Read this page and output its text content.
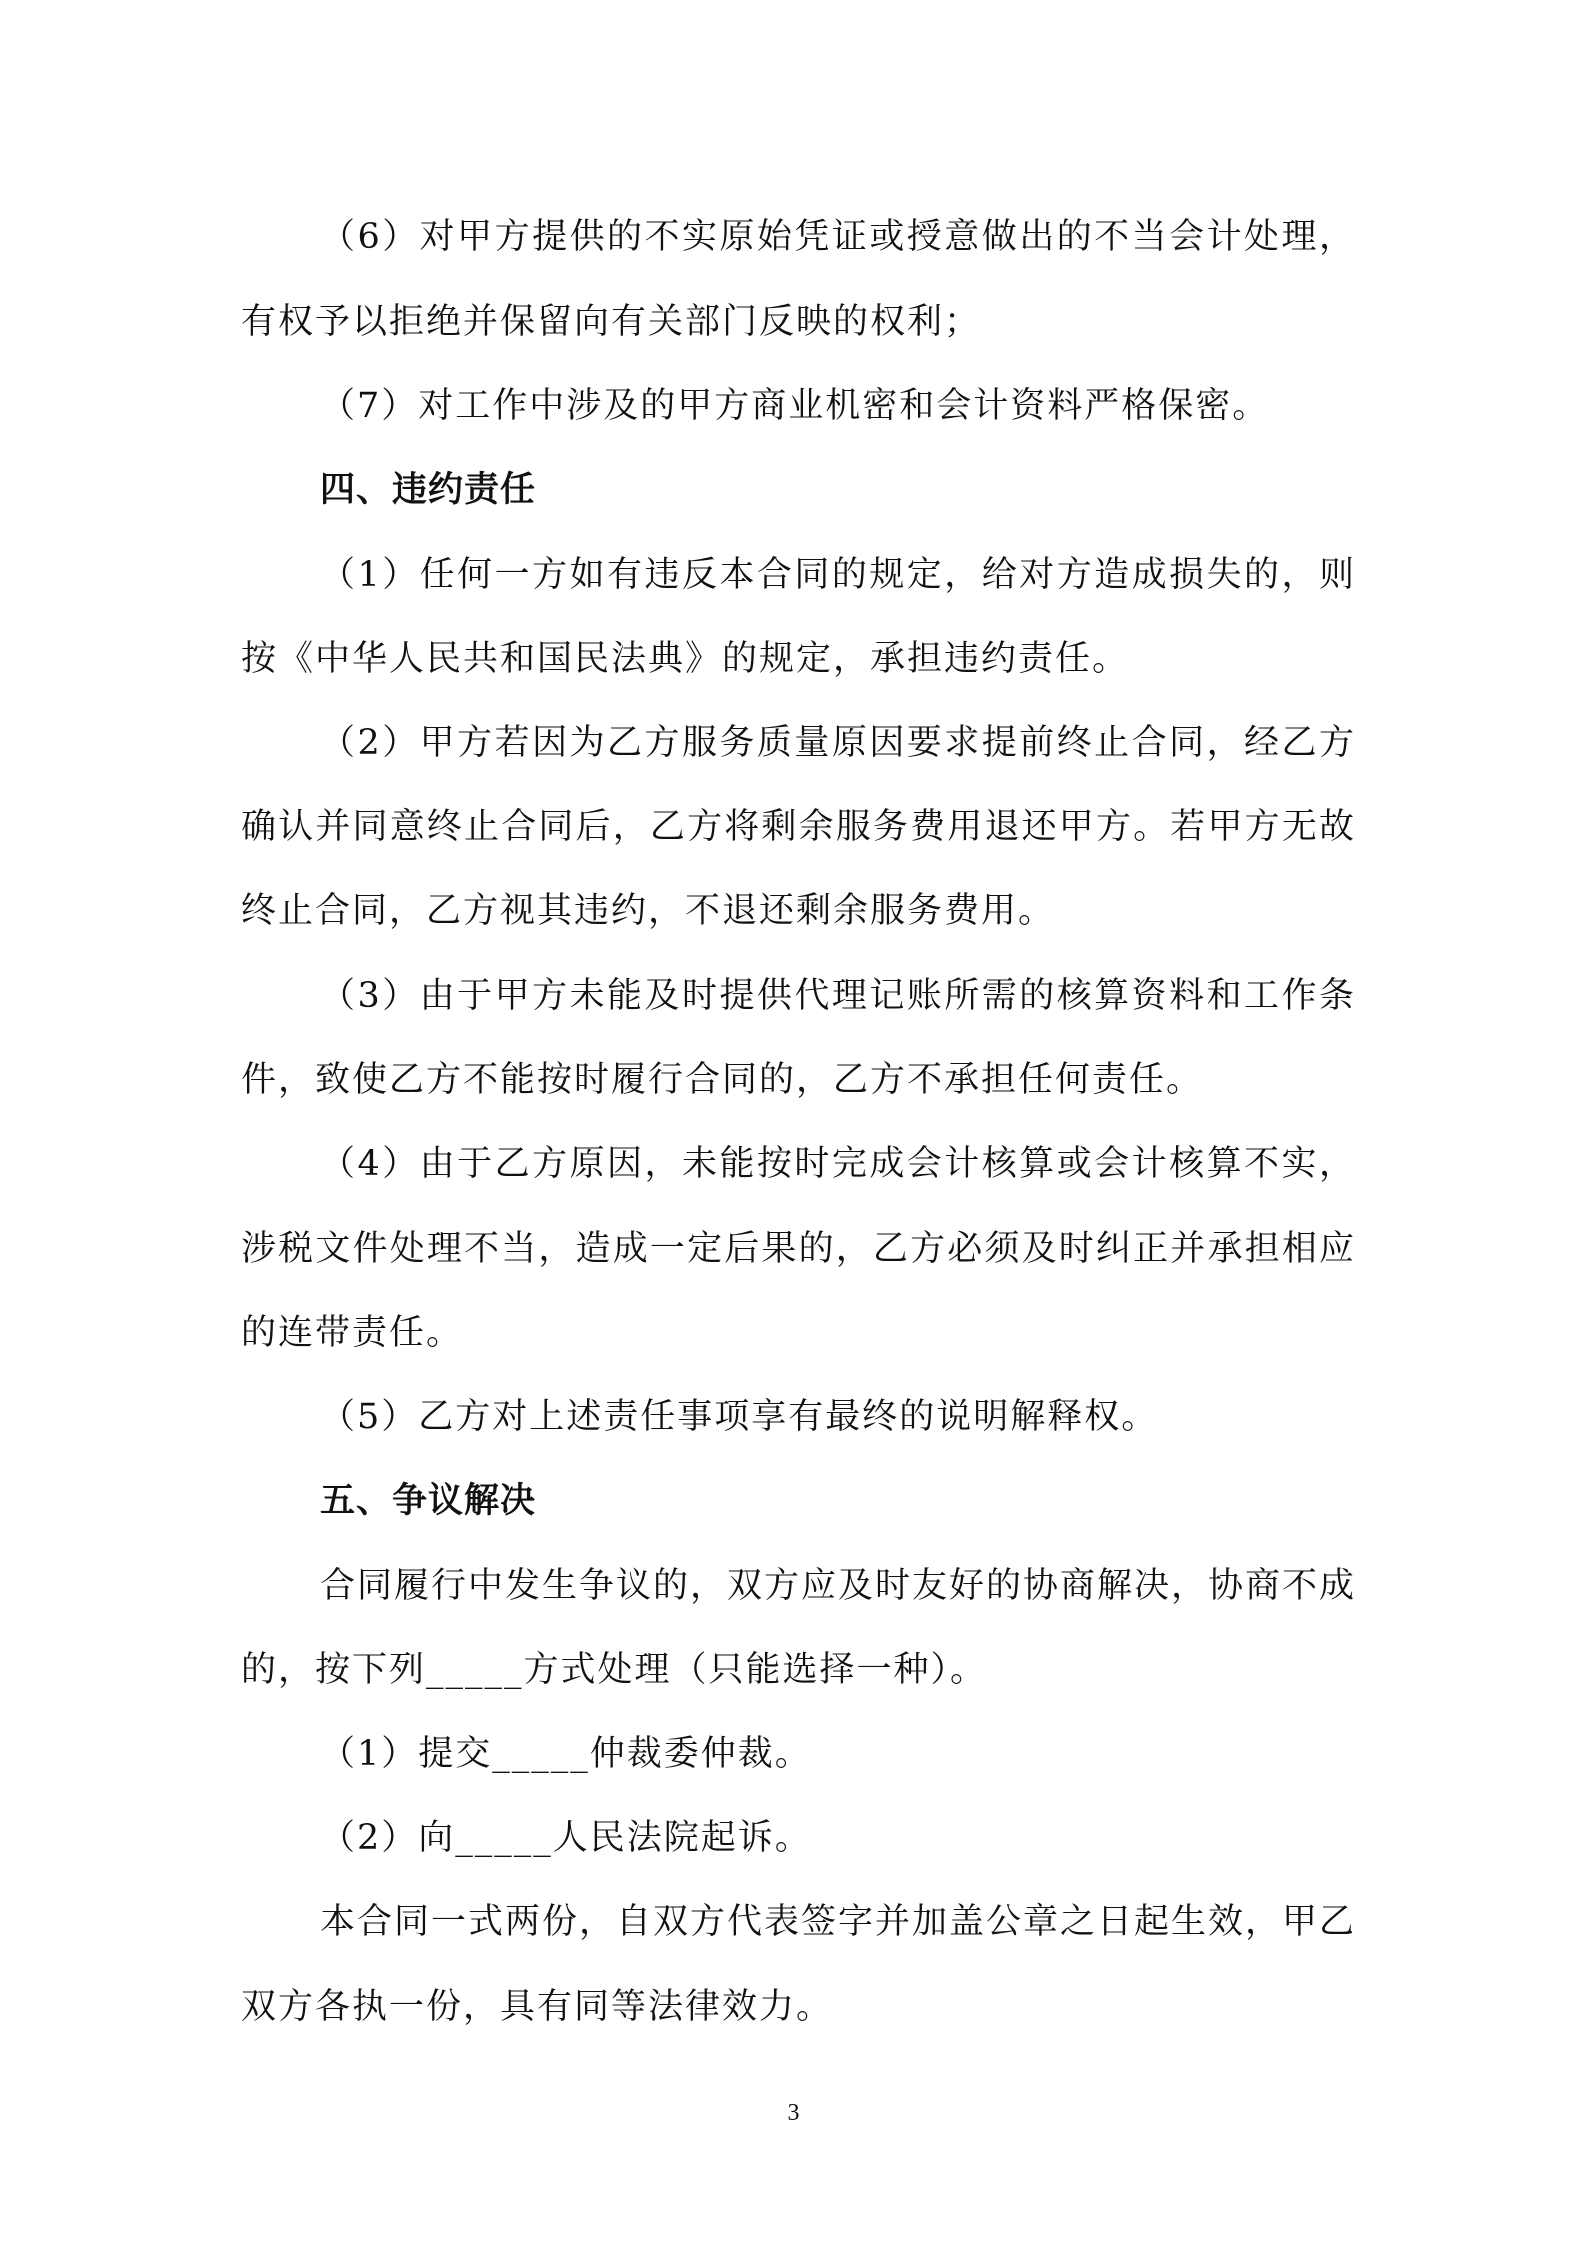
（6）对甲方提供的不实原始凭证或授意做出的不当会计处理，
有权予以拒绝并保留向有关部门反映的权利；
（7）对工作中涉及的甲方商业机密和会计资料严格保密。
四、违约责任
（1）任何一方如有违反本合同的规定，给对方造成损失的，则
按《中华人民共和国民法典》的规定，承担违约责任。
（2）甲方若因为乙方服务质量原因要求提前终止合同，经乙方
确认并同意终止合同后，乙方将剩余服务费用退还甲方。若甲方无故
终止合同，乙方视其违约，不退还剩余服务费用。
（3）由于甲方未能及时提供代理记账所需的核算资料和工作条
件，致使乙方不能按时履行合同的，乙方不承担任何责任。
（4）由于乙方原因，未能按时完成会计核算或会计核算不实，
涉税文件处理不当，造成一定后果的，乙方必须及时纠正并承担相应
的连带责任。
（5）乙方对上述责任事项享有最终的说明解释权。
五、争议解决
合同履行中发生争议的，双方应及时友好的协商解决，协商不成
的，按下列_____方式处理（只能选择一种）。
（1）提交_____仲裁委仲裁。
（2）向_____人民法院起诉。
本合同一式两份，自双方代表签字并加盖公章之日起生效，甲乙
双方各执一份，具有同等法律效力。
3
